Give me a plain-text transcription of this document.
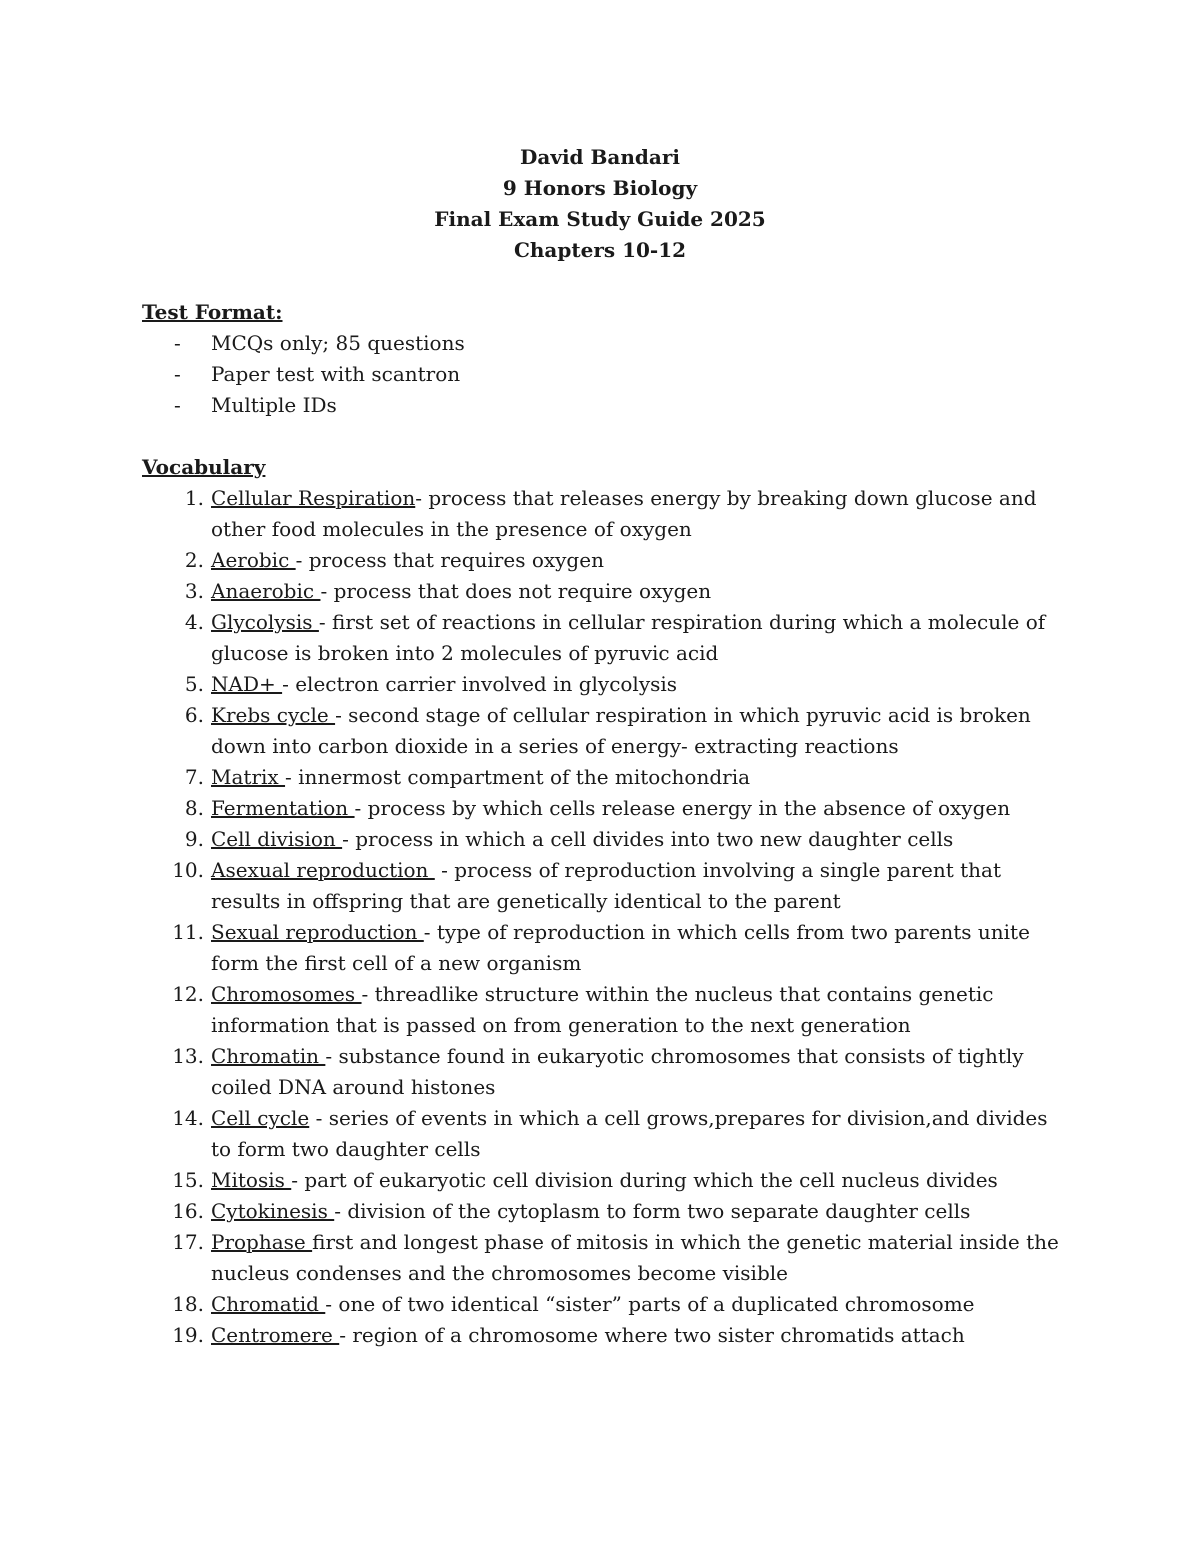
David Bandari
9 Honors Biology
Final Exam Study Guide 2025
Chapters 10-12
Test Format:
- MCQs only; 85 questions
- Paper test with scantron
- Multiple IDs
Vocabulary
1. Cellular Respiration- process that releases energy by breaking down glucose and other food molecules in the presence of oxygen
2. Aerobic - process that requires oxygen
3. Anaerobic - process that does not require oxygen
4. Glycolysis - first set of reactions in cellular respiration during which a molecule of glucose is broken into 2 molecules of pyruvic acid
5. NAD+ - electron carrier involved in glycolysis
6. Krebs cycle - second stage of cellular respiration in which pyruvic acid is broken down into carbon dioxide in a series of energy- extracting reactions
7. Matrix - innermost compartment of the mitochondria
8. Fermentation - process by which cells release energy in the absence of oxygen
9. Cell division - process in which a cell divides into two new daughter cells
10. Asexual reproduction  - process of reproduction involving a single parent that results in offspring that are genetically identical to the parent
11. Sexual reproduction - type of reproduction in which cells from two parents unite form the first cell of a new organism
12. Chromosomes - threadlike structure within the nucleus that contains genetic information that is passed on from generation to the next generation
13. Chromatin - substance found in eukaryotic chromosomes that consists of tightly coiled DNA around histones
14. Cell cycle - series of events in which a cell grows,prepares for division,and divides to form two daughter cells
15. Mitosis - part of eukaryotic cell division during which the cell nucleus divides
16. Cytokinesis - division of the cytoplasm to form two separate daughter cells
17. Prophase first and longest phase of mitosis in which the genetic material inside the nucleus condenses and the chromosomes become visible
18. Chromatid - one of two identical “sister” parts of a duplicated chromosome
19. Centromere - region of a chromosome where two sister chromatids attach
